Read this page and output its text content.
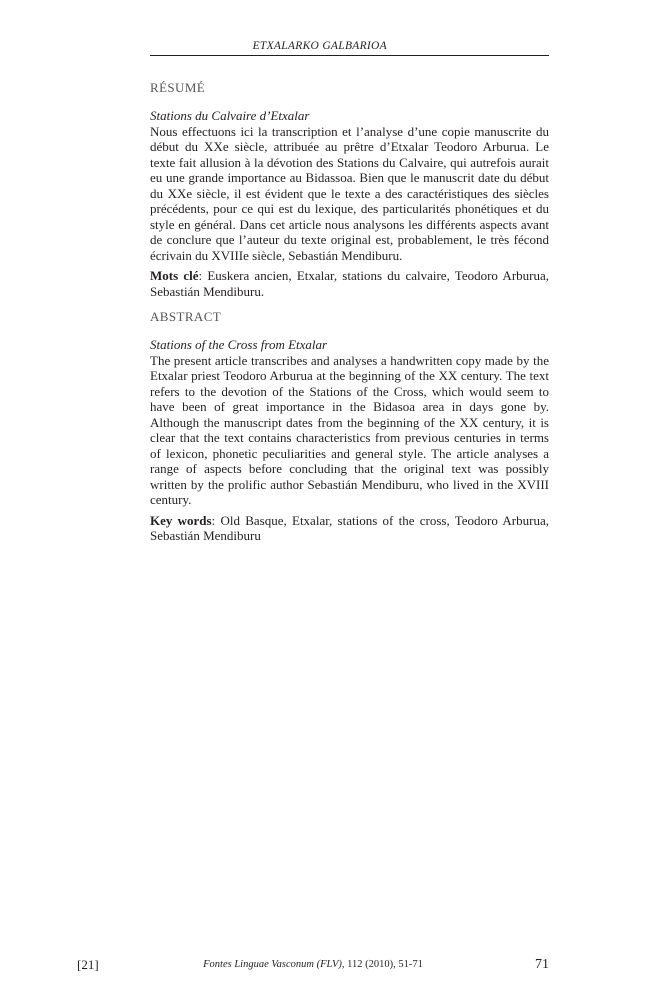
ETXALARKO GALBARIOA
RÉSUMÉ

Stations du Calvaire d’Etxalar

Nous effectuons ici la transcription et l’analyse d’une copie manuscrite du début du XXe siècle, attribuée au prêtre d’Etxalar Teodoro Arburua. Le texte fait allusion à la dévotion des Stations du Calvaire, qui autrefois aurait eu une grande importance au Bidassoa. Bien que le manuscrit date du début du XXe siècle, il est évident que le texte a des caractéristiques des siècles précédents, pour ce qui est du lexique, des particularités phonétiques et du style en général. Dans cet article nous analysons les différents aspects avant de conclure que l’auteur du texte original est, probablement, le très fécond écrivain du XVIIIe siècle, Sebastián Mendiburu.

Mots clé: Euskera ancien, Etxalar, stations du calvaire, Teodoro Arburua, Sebastián Mendiburu.

ABSTRACT

Stations of the Cross from Etxalar

The present article transcribes and analyses a handwritten copy made by the Etxalar priest Teodoro Arburua at the beginning of the XX century. The text refers to the devotion of the Stations of the Cross, which would seem to have been of great importance in the Bidasoa area in days gone by. Although the manuscript dates from the beginning of the XX century, it is clear that the text contains characteristics from previous centuries in terms of lexicon, phonetic peculiarities and general style. The article analyses a range of aspects before concluding that the original text was possibly written by the prolific author Sebastián Mendiburu, who lived in the XVIII century.

Key words: Old Basque, Etxalar, stations of the cross, Teodoro Arburua, Sebastián Mendiburu

[21]	Fontes Linguae Vasconum (FLV), 112 (2010), 51-71	71
